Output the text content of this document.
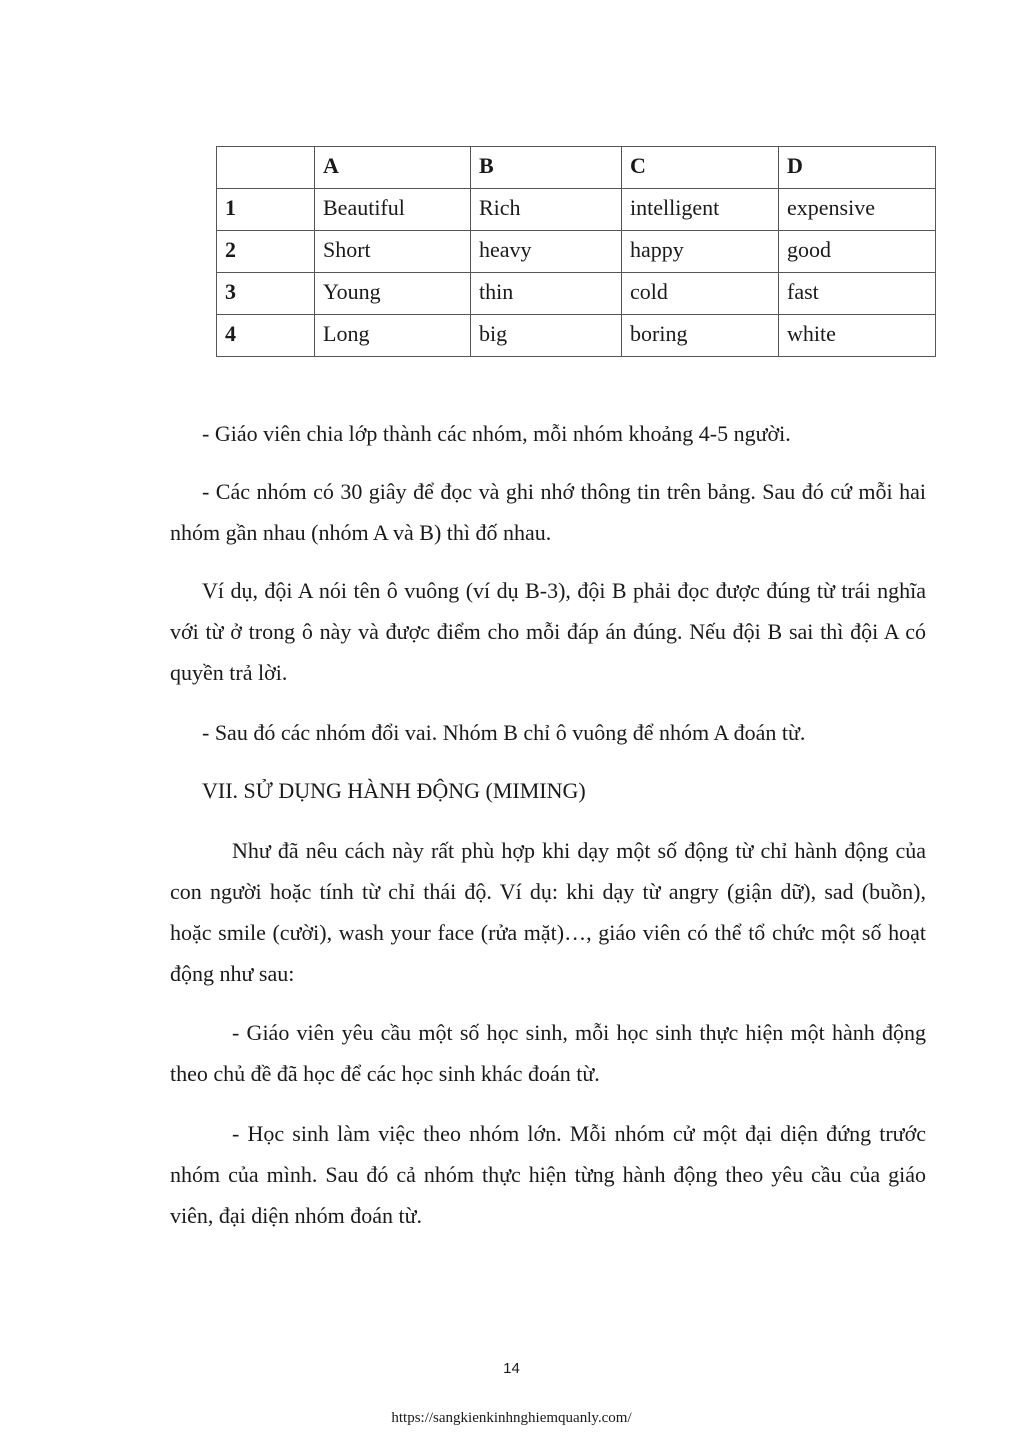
	A	B	C	D
1	Beautiful	Rich	intelligent	expensive
2	Short	heavy	happy	good
3	Young	thin	cold	fast
4	Long	big	boring	white

- Giáo viên chia lớp thành các nhóm, mỗi nhóm khoảng 4-5 người.

- Các nhóm có 30 giây để đọc và ghi nhớ thông tin trên bảng. Sau đó cứ mỗi hai nhóm gần nhau (nhóm A và B) thì đố nhau.

Ví dụ, đội A nói tên ô vuông (ví dụ B-3), đội B phải đọc được đúng từ trái nghĩa với từ ở trong ô này và được điểm cho mỗi đáp án đúng. Nếu đội B sai thì đội A có quyền trả lời.

- Sau đó các nhóm đổi vai. Nhóm B chỉ ô vuông để nhóm A đoán từ.

VII. SỬ DỤNG HÀNH ĐỘNG (MIMING)

Như đã nêu cách này rất phù hợp khi dạy một số động từ chỉ hành động của con người hoặc tính từ chỉ thái độ. Ví dụ: khi dạy từ angry (giận dữ), sad (buồn), hoặc smile (cười), wash your face (rửa mặt)…, giáo viên có thể tổ chức một số hoạt động như sau:

- Giáo viên yêu cầu một số học sinh, mỗi học sinh thực hiện một hành động theo chủ đề đã học để các học sinh khác đoán từ.

- Học sinh làm việc theo nhóm lớn. Mỗi nhóm cử một đại diện đứng trước nhóm của mình. Sau đó cả nhóm thực hiện từng hành động theo yêu cầu của giáo viên, đại diện nhóm đoán từ.

14
https://sangkienkinhnghiemquanly.com/
